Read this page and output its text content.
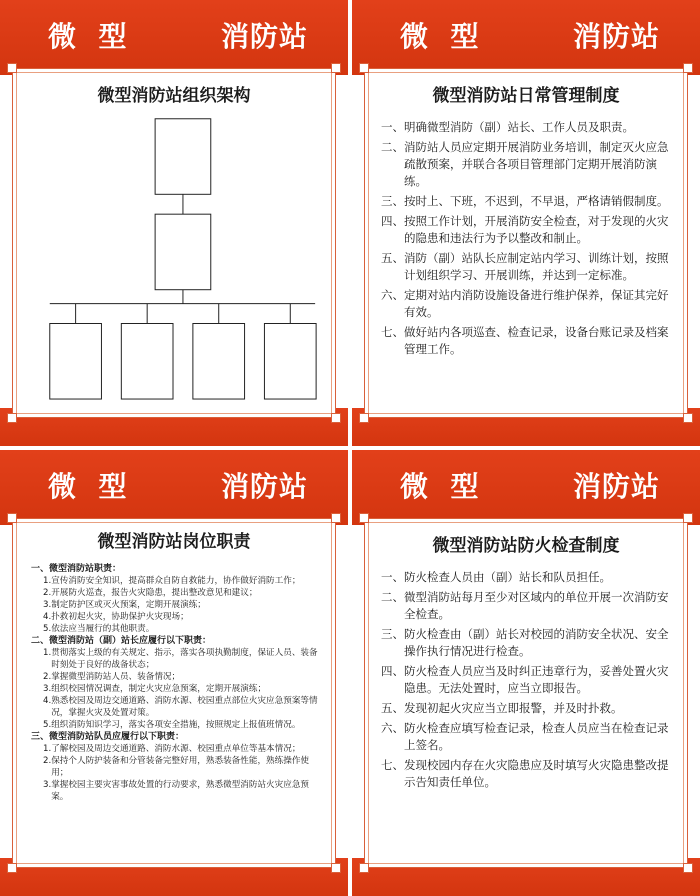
微  型	消防站
微型消防站组织架构
微  型	消防站
微型消防站日常管理制度
一、 明确微型消防（副）站长、工作人员及职责。
二、 消防站人员应定期开展消防业务培训，制定灭火应急疏散预案，并联合各项目管理部门定期开展消防演练。
三、 按时上、下班，不迟到，不早退，严格请销假制度。
四、 按照工作计划，开展消防安全检查，对于发现的火灾的隐患和违法行为予以整改和制止。
五、 消防（副）站队长应制定站内学习、训练计划，按照计划组织学习、开展训练，并达到一定标准。
六、 定期对站内消防设施设备进行维护保养，保证其完好有效。
七、 做好站内各项巡查、检查记录，设备台账记录及档案管理工作。
微  型	消防站
微型消防站岗位职责
一、微型消防站职责：
1. 宣传消防安全知识，提高群众自防自救能力，协作做好消防工作；
2. 开展防火巡查，报告火灾隐患，提出整改意见和建议；
3. 制定防护区或灭火预案，定期开展演练；
4. 扑救初起火灾，协助保护火灾现场；
5. 依法应当履行的其他职责。
二、微型消防站（副）站长应履行以下职责：
1. 贯彻落实上级的有关规定、指示，落实各项执勤制度，保证人员、装备时刻处于良好的战备状态；
2. 掌握微型消防站人员、装备情况；
3. 组织校园情况调查，制定火灾应急预案，定期开展演练；
4. 熟悉校园及周边交通道路、消防水源、校园重点部位火灾应急预案等情况，掌握火灾及处置对策。
5. 组织消防知识学习，落实各项安全措施，按照规定上报值班情况。
三、微型消防站队员应履行以下职责：
1. 了解校园及周边交通道路、消防水源、校园重点单位等基本情况；
2. 保持个人防护装备和分管装备完整好用，熟悉装备性能，熟练操作使用；
3. 掌握校园主要灾害事故处置的行动要求，熟悉微型消防站火灾应急预案。
微  型	消防站
微型消防站防火检查制度
一、 防火检查人员由（副）站长和队员担任。
二、 微型消防站每月至少对区域内的单位开展一次消防安全检查。
三、 防火检查由（副）站长对校园的消防安全状况、安全操作执行情况进行检查。
四、 防火检查人员应当及时纠正违章行为，妥善处置火灾隐患。无法处置时，应当立即报告。
五、 发现初起火灾应当立即报警，并及时扑救。
六、 防火检查应填写检查记录，检查人员应当在检查记录上签名。
七、 发现校园内存在火灾隐患应及时填写火灾隐患整改提示告知责任单位。
